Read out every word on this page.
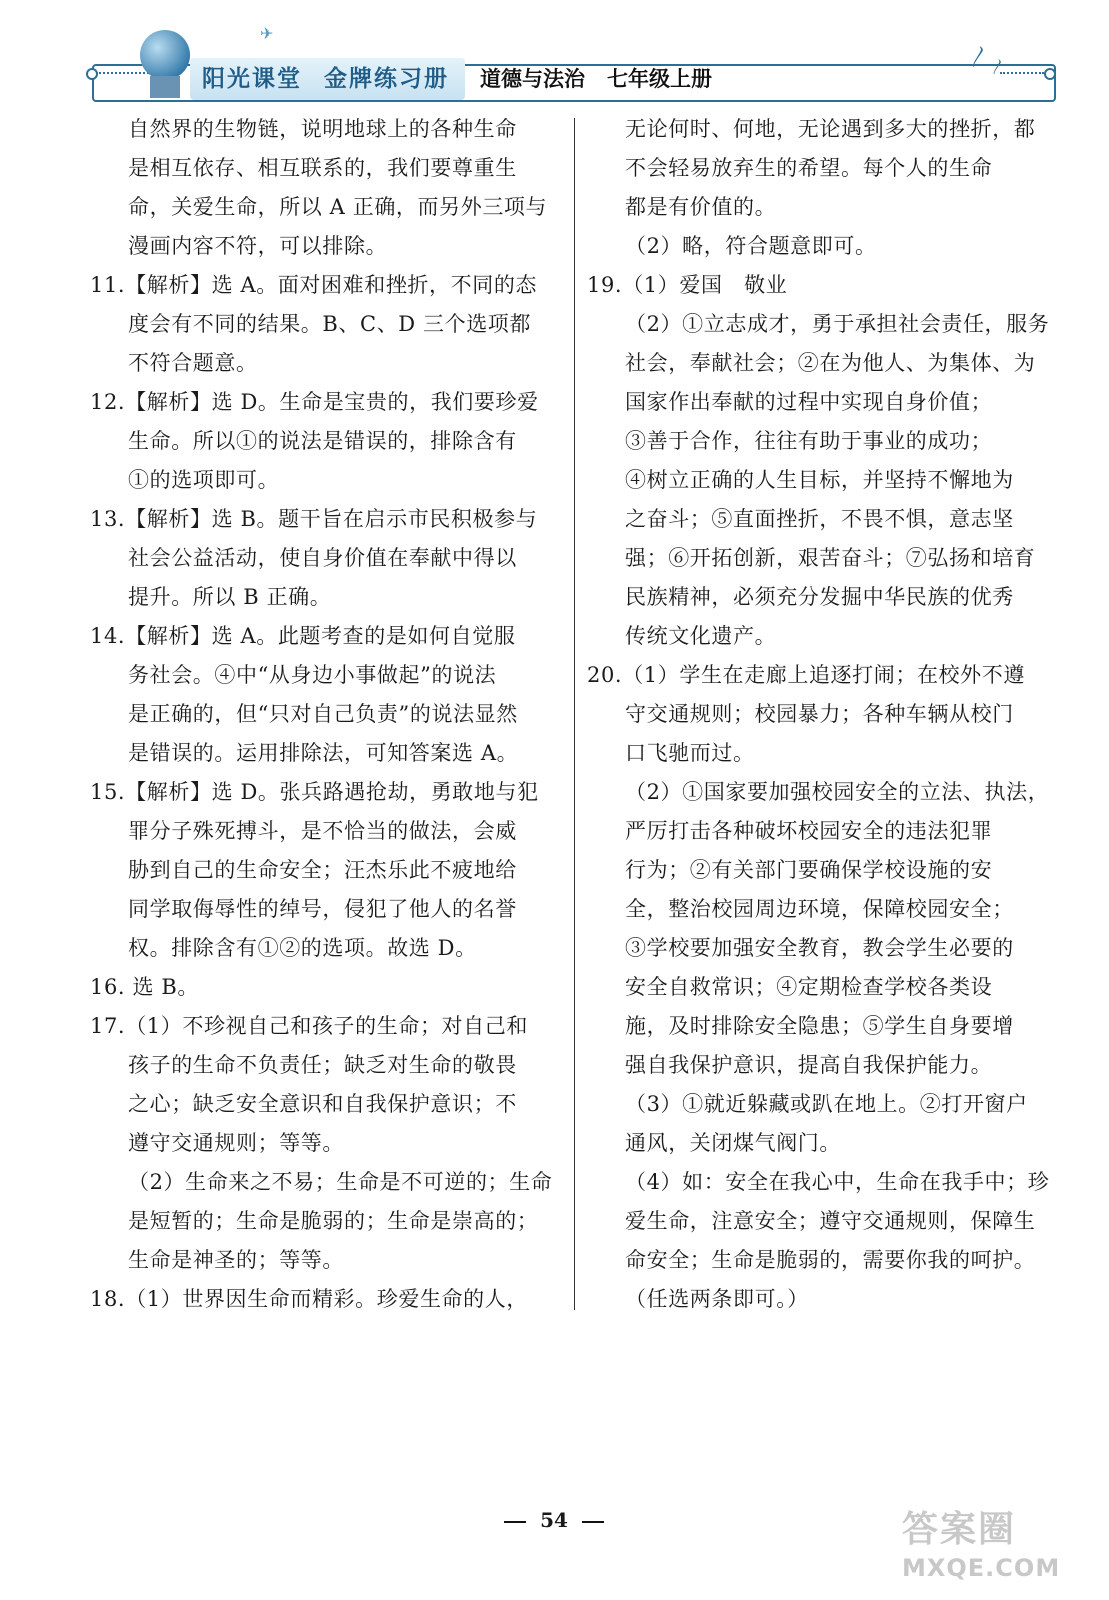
✈
〳 〳
阳光课堂 金牌练习册 道德与法治 七年级上册

自然界的生物链，说明地球上的各种生命

是相互依存、相互联系的，我们要尊重生

命，关爱生命，所以 A 正确，而另外三项与

漫画内容不符，可以排除。

11.【解析】选 A。面对困难和挫折，不同的态

度会有不同的结果。B、C、D 三个选项都

不符合题意。

12.【解析】选 D。生命是宝贵的，我们要珍爱

生命。所以①的说法是错误的，排除含有

①的选项即可。

13.【解析】选 B。题干旨在启示市民积极参与

社会公益活动，使自身价值在奉献中得以

提升。所以 B 正确。

14.【解析】选 A。此题考查的是如何自觉服

务社会。④中“从身边小事做起”的说法

是正确的，但“只对自己负责”的说法显然

是错误的。运用排除法，可知答案选 A。

15.【解析】选 D。张兵路遇抢劫，勇敢地与犯

罪分子殊死搏斗，是不恰当的做法，会威

胁到自己的生命安全；汪杰乐此不疲地给

同学取侮辱性的绰号，侵犯了他人的名誉

权。排除含有①②的选项。故选 D。

16. 选 B。

17.（1）不珍视自己和孩子的生命；对自己和

孩子的生命不负责任；缺乏对生命的敬畏

之心；缺乏安全意识和自我保护意识；不

遵守交通规则；等等。

（2）生命来之不易；生命是不可逆的；生命

是短暂的；生命是脆弱的；生命是崇高的；

生命是神圣的；等等。

18.（1）世界因生命而精彩。珍爱生命的人，

无论何时、何地，无论遇到多大的挫折，都

不会轻易放弃生的希望。每个人的生命

都是有价值的。

（2）略，符合题意即可。

19.（1）爱国　敬业

（2）①立志成才，勇于承担社会责任，服务

社会，奉献社会；②在为他人、为集体、为

国家作出奉献的过程中实现自身价值；

③善于合作，往往有助于事业的成功；

④树立正确的人生目标，并坚持不懈地为

之奋斗；⑤直面挫折，不畏不惧，意志坚

强；⑥开拓创新，艰苦奋斗；⑦弘扬和培育

民族精神，必须充分发掘中华民族的优秀

传统文化遗产。

20.（1）学生在走廊上追逐打闹；在校外不遵

守交通规则；校园暴力；各种车辆从校门

口飞驰而过。

（2）①国家要加强校园安全的立法、执法，

严厉打击各种破坏校园安全的违法犯罪

行为；②有关部门要确保学校设施的安

全，整治校园周边环境，保障校园安全；

③学校要加强安全教育，教会学生必要的

安全自救常识；④定期检查学校各类设

施，及时排除安全隐患；⑤学生自身要增

强自我保护意识，提高自我保护能力。

（3）①就近躲藏或趴在地上。②打开窗户

通风，关闭煤气阀门。

（4）如：安全在我心中，生命在我手中；珍

爱生命，注意安全；遵守交通规则，保障生

命安全；生命是脆弱的，需要你我的呵护。

（任选两条即可。）

54	答案圈
MXQE.COM
